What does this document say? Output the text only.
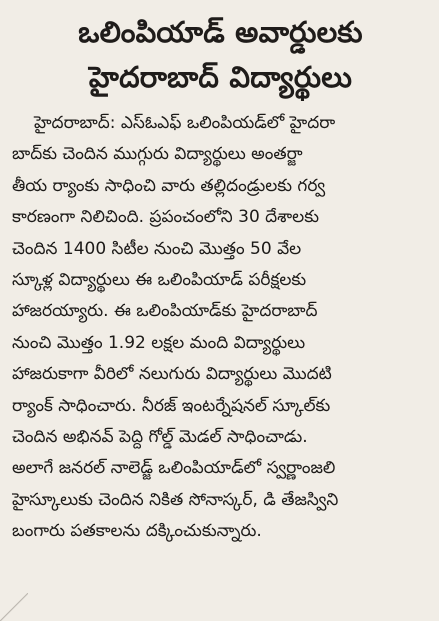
ఒలింపియాడ్ అవార్డులకు
హైదరాబాద్ విద్యార్థులు
హైదరాబాద్: ఎస్ఓఎఫ్ ఒలింపియడ్‌లో హైదరా
బాద్‌కు చెందిన ముగ్గురు విద్యార్థులు అంతర్జా
తీయ ర్యాంకు సాధించి వారు తల్లిదండ్రులకు గర్వ
కారణంగా నిలిచింది. ప్రపంచంలోని 30 దేశాలకు
చెందిన 1400 సిటీల నుంచి మొత్తం 50 వేల
స్కూళ్ల విద్యార్థులు ఈ ఒలింపియాడ్ పరీక్షలకు
హాజరయ్యారు. ఈ ఒలింపియాడ్‌కు హైదరాబాద్
నుంచి మొత్తం 1.92 లక్షల మంది విద్యార్థులు
హాజరుకాగా వీరిలో నలుగురు విద్యార్థులు మొదటి
ర్యాంక్ సాధించారు. నీరజ్ ఇంటర్నేషనల్ స్కూల్‌కు
చెందిన అభినవ్ పెద్ది గోల్డ్ మెడల్ సాధించాడు.
అలాగే జనరల్ నాలెడ్జ్ ఒలింపియాడ్‌లో స్వర్ణాంజలి
హైస్కూలుకు చెందిన నికిత సోనాస్కర్, డి తేజస్విని
బంగారు పతకాలను దక్కించుకున్నారు.
